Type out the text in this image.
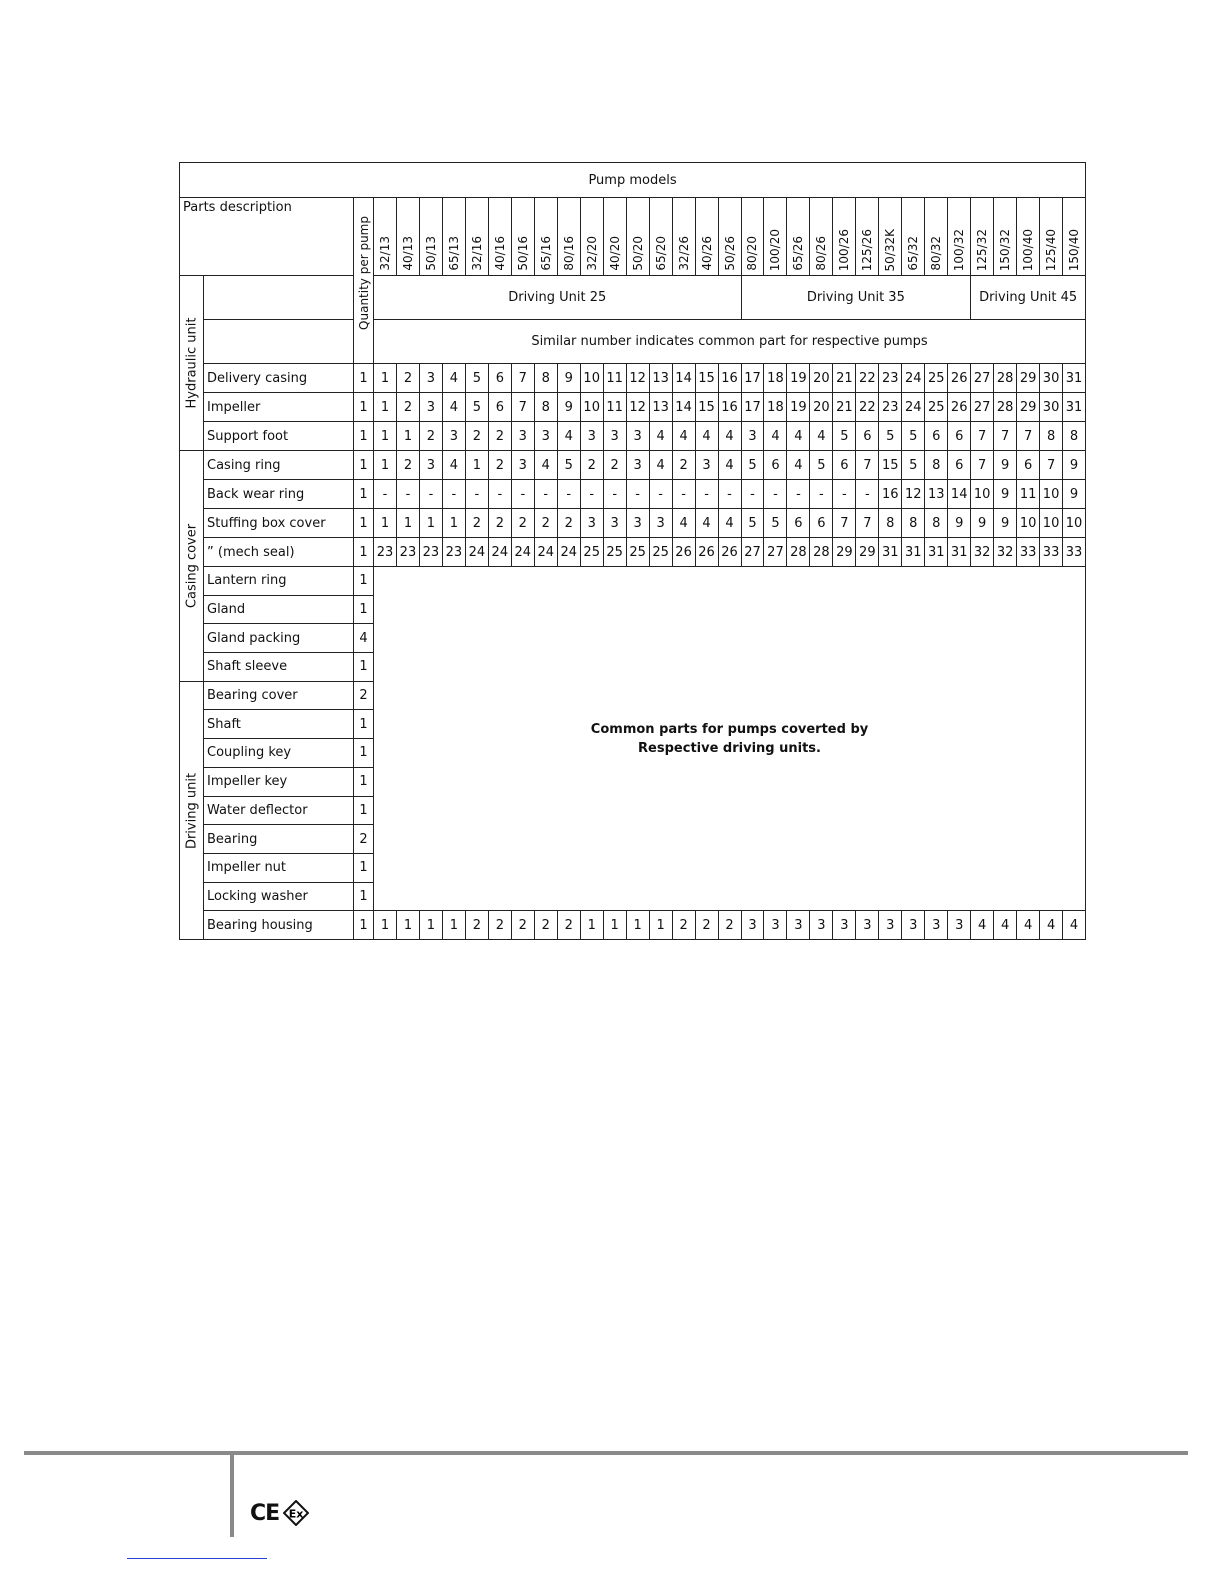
Pump models																																	
Parts description		Quantity per pump	32/13	40/13	50/13	65/13	32/16	40/16	50/16	65/16	80/16	32/20	40/20	50/20	65/20	32/26	40/26	50/26	80/20	100/20	65/26	80/26	100/26	125/26	50/32K	65/32	80/32	100/32	125/32	150/32	100/40	125/40	150/40

Hydraulic unit			Driving Unit 25																Driving Unit 35										Driving Unit 45				
			Similar number indicates common part for respective pumps																														
	Delivery casing	1	1	2	3	4	5	6	7	8	9	10	11	12	13	14	15	16	17	18	19	20	21	22	23	24	25	26	27	28	29	30	31
	Impeller	1	1	2	3	4	5	6	7	8	9	10	11	12	13	14	15	16	17	18	19	20	21	22	23	24	25	26	27	28	29	30	31
	Support foot	1	1	1	2	3	2	2	3	3	4	3	3	3	4	4	4	4	3	4	4	4	5	6	5	5	6	6	7	7	7	8	8

Casing cover	Casing ring	1	1	2	3	4	1	2	3	4	5	2	2	3	4	2	3	4	5	6	4	5	6	7	15	5	8	6	7	9	6	7	9
	Back wear ring	1	-	-	-	-	-	-	-	-	-	-	-	-	-	-	-	-	-	-	-	-	-	-	16	12	13	14	10	9	11	10	9
	Stuffing box cover	1	1	1	1	1	2	2	2	2	2	3	3	3	3	4	4	4	5	5	6	6	7	7	8	8	8	9	9	9	10	10	10
	” (mech seal)	1	23	23	23	23	24	24	24	24	24	25	25	25	25	26	26	26	27	27	28	28	29	29	31	31	31	31	32	32	33	33	33
	Lantern ring	1	Common parts for pumps coverted by
Respective driving units.																														

	Gland	1																															
	Gland packing	4																															
	Shaft sleeve	1																															

Driving unit	Bearing cover	2																															
	Shaft	1																															
	Coupling key	1																															
	Impeller key	1																															
	Water deflector	1																															
	Bearing	2																															
	Impeller nut	1																															
	Locking washer	1																															
	Bearing housing	1	1	1	1	1	2	2	2	2	2	1	1	1	1	2	2	2	3	3	3	3	3	3	3	3	3	3	4	4	4	4	4
CE Ex
